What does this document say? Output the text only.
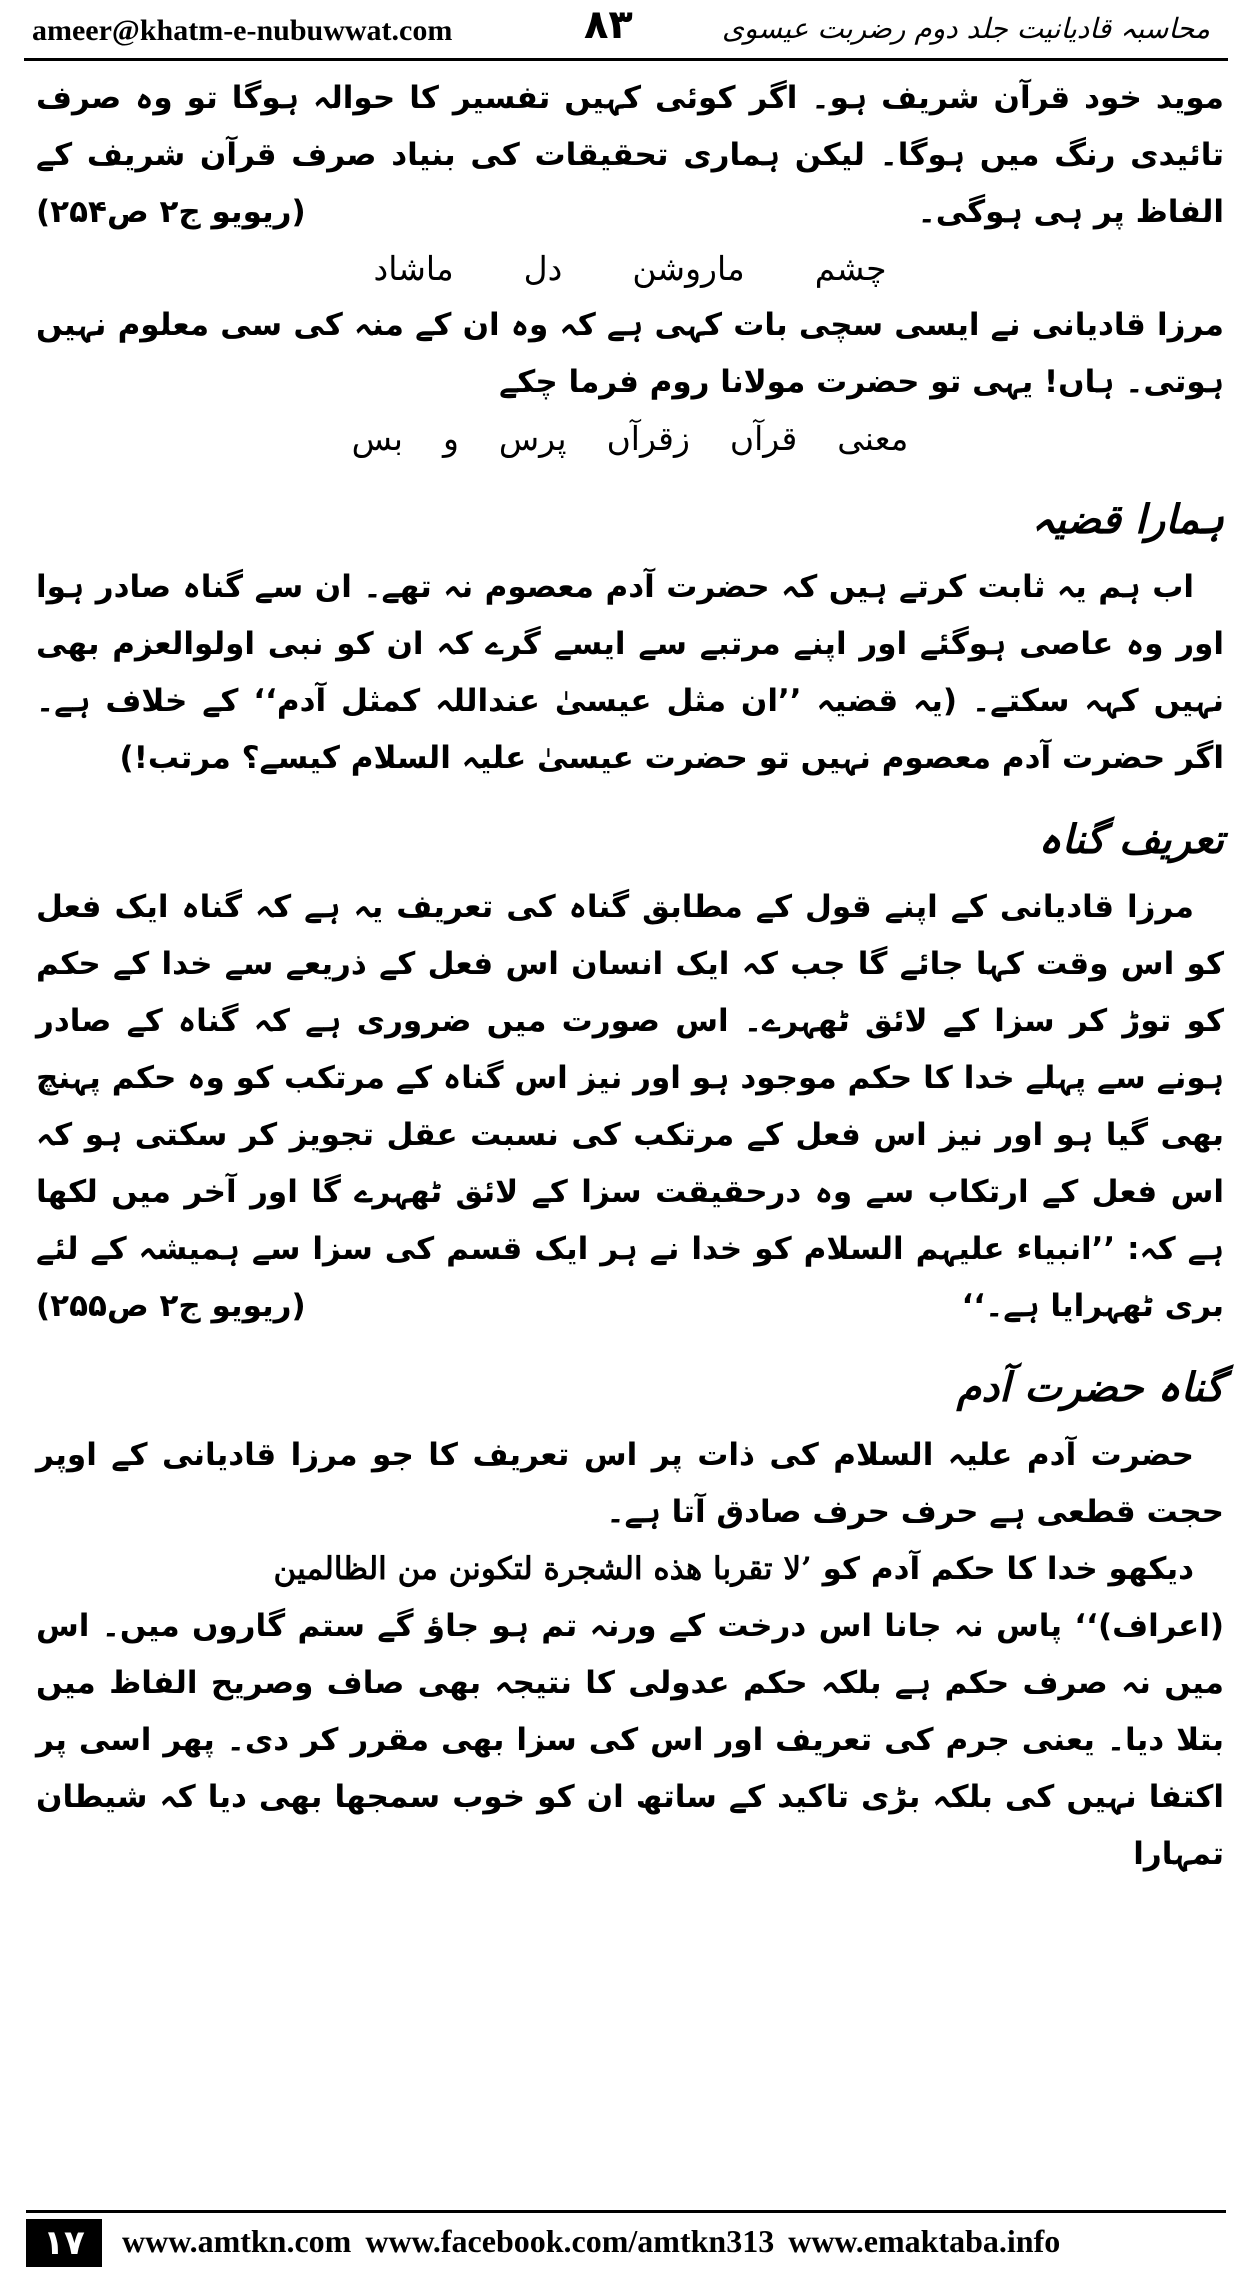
ameer@khatm-e-nubuwwat.com	۸۳	محاسبہ قادیانیت جلد دوم رضربت عیسوی

موید خود قرآن شریف ہو۔ اگر کوئی کہیں تفسیر کا حوالہ ہوگا تو وہ صرف تائیدی رنگ میں ہوگا۔ لیکن ہماری تحقیقات کی بنیاد صرف قرآن شریف کے الفاظ پر ہی ہوگی۔
(ریویو ج۲ ص۲۵۴)

چشم
ماروشن
دل
ماشاد

مرزا قادیانی نے ایسی سچی بات کہی ہے کہ وہ ان کے منہ کی سی معلوم نہیں ہوتی۔ ہاں! یہی تو حضرت مولانا روم فرما چکے

معنی
قرآں
زقرآں
پرس
و
بس
ہمارا قضیہ

اب ہم یہ ثابت کرتے ہیں کہ حضرت آدم معصوم نہ تھے۔ ان سے گناہ صادر ہوا اور وہ عاصی ہوگئے اور اپنے مرتبے سے ایسے گرے کہ ان کو نبی اولوالعزم بھی نہیں کہہ سکتے۔ (یہ قضیہ ’’ان مثل عیسیٰ عنداللہ کمثل آدم‘‘ کے خلاف ہے۔ اگر حضرت آدم معصوم نہیں تو حضرت عیسیٰ علیہ السلام کیسے؟ مرتب!)

تعریف گناہ

مرزا قادیانی کے اپنے قول کے مطابق گناہ کی تعریف یہ ہے کہ گناہ ایک فعل کو اس وقت کہا جائے گا جب کہ ایک انسان اس فعل کے ذریعے سے خدا کے حکم کو توڑ کر سزا کے لائق ٹھہرے۔ اس صورت میں ضروری ہے کہ گناہ کے صادر ہونے سے پہلے خدا کا حکم موجود ہو اور نیز اس گناہ کے مرتکب کو وہ حکم پہنچ بھی گیا ہو اور نیز اس فعل کے مرتکب کی نسبت عقل تجویز کر سکتی ہو کہ اس فعل کے ارتکاب سے وہ درحقیقت سزا کے لائق ٹھہرے گا اور آخر میں لکھا ہے کہ: ’’انبیاء علیہم السلام کو خدا نے ہر ایک قسم کی سزا سے ہمیشہ کے لئے بری ٹھہرایا ہے۔‘‘
(ریویو ج۲ ص۲۵۵)

گناہ حضرت آدم

حضرت آدم علیہ السلام کی ذات پر اس تعریف کا جو مرزا قادیانی کے اوپر حجت قطعی ہے حرف حرف صادق آتا ہے۔

دیکھو خدا کا حکم آدم کو ’لا تقربا هذه الشجرة لتكونن من الظالمين

(اعراف)‘‘ پاس نہ جانا اس درخت کے ورنہ تم ہو جاؤ گے ستم گاروں میں۔ اس میں نہ صرف حکم ہے بلکہ حکم عدولی کا نتیجہ بھی صاف وصریح الفاظ میں بتلا دیا۔ یعنی جرم کی تعریف اور اس کی سزا بھی مقرر کر دی۔ پھر اسی پر اکتفا نہیں کی بلکہ بڑی تاکید کے ساتھ ان کو خوب سمجھا بھی دیا کہ شیطان تمہارا

۱۷	www.amtkn.com www.facebook.com/amtkn313 www.emaktaba.info
